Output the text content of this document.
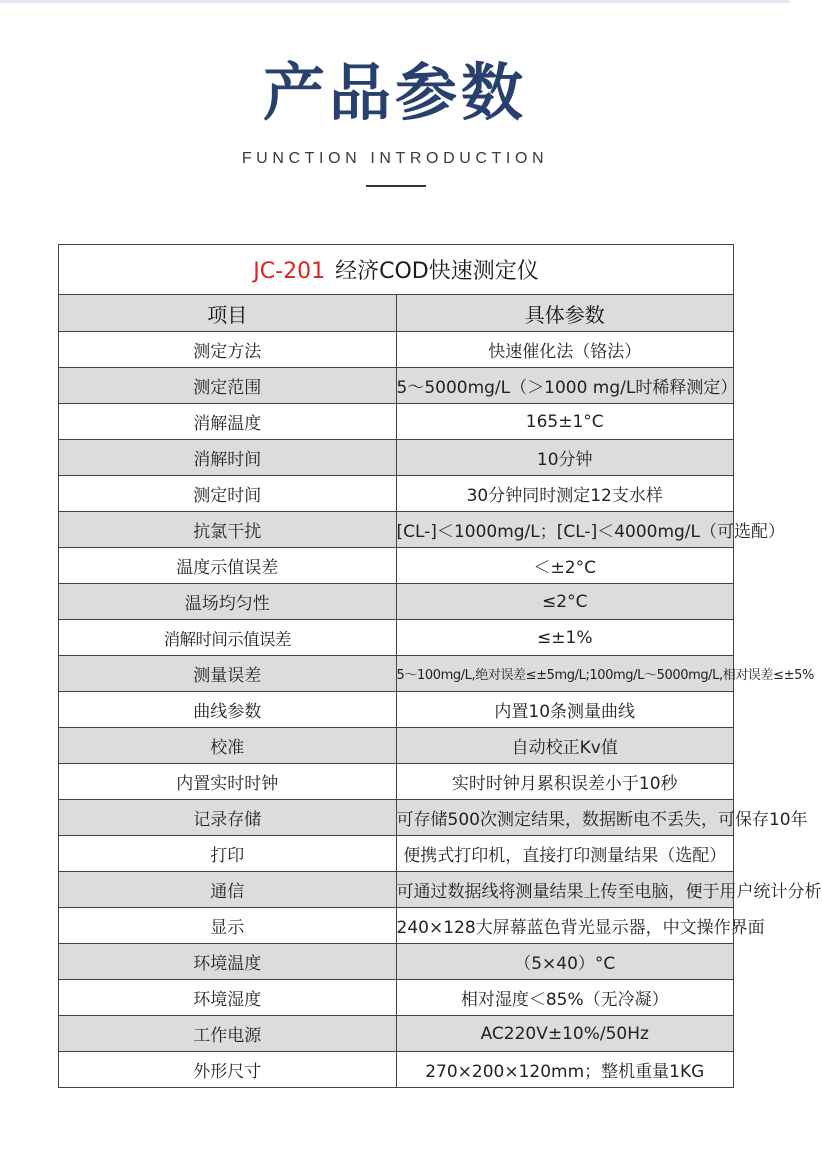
产品参数
FUNCTION INTRODUCTION
JC-201 经济COD快速测定仪	
项目	具体参数
测定方法	快速催化法（铬法）
测定范围	5～5000mg/L（＞1000 mg/L时稀释测定）
消解温度	165±1°C
消解时间	10分钟
测定时间	30分钟同时测定12支水样
抗氯干扰	[CL-]＜1000mg/L；[CL-]＜4000mg/L（可选配）
温度示值误差	＜±2°C
温场均匀性	≤2°C
消解时间示值误差	≤±1%
测量误差	5～100mg/L,绝对误差≤±5mg/L;100mg/L～5000mg/L,相对误差≤±5%
曲线参数	内置10条测量曲线
校准	自动校正Kv值
内置实时时钟	实时时钟月累积误差小于10秒
记录存储	可存储500次测定结果，数据断电不丢失，可保存10年
打印	便携式打印机，直接打印测量结果（选配）
通信	可通过数据线将测量结果上传至电脑，便于用户统计分析
显示	240×128大屏幕蓝色背光显示器，中文操作界面
环境温度	（5×40）°C
环境湿度	相对湿度＜85%（无冷凝）
工作电源	AC220V±10%/50Hz
外形尺寸	270×200×120mm；整机重量1KG
